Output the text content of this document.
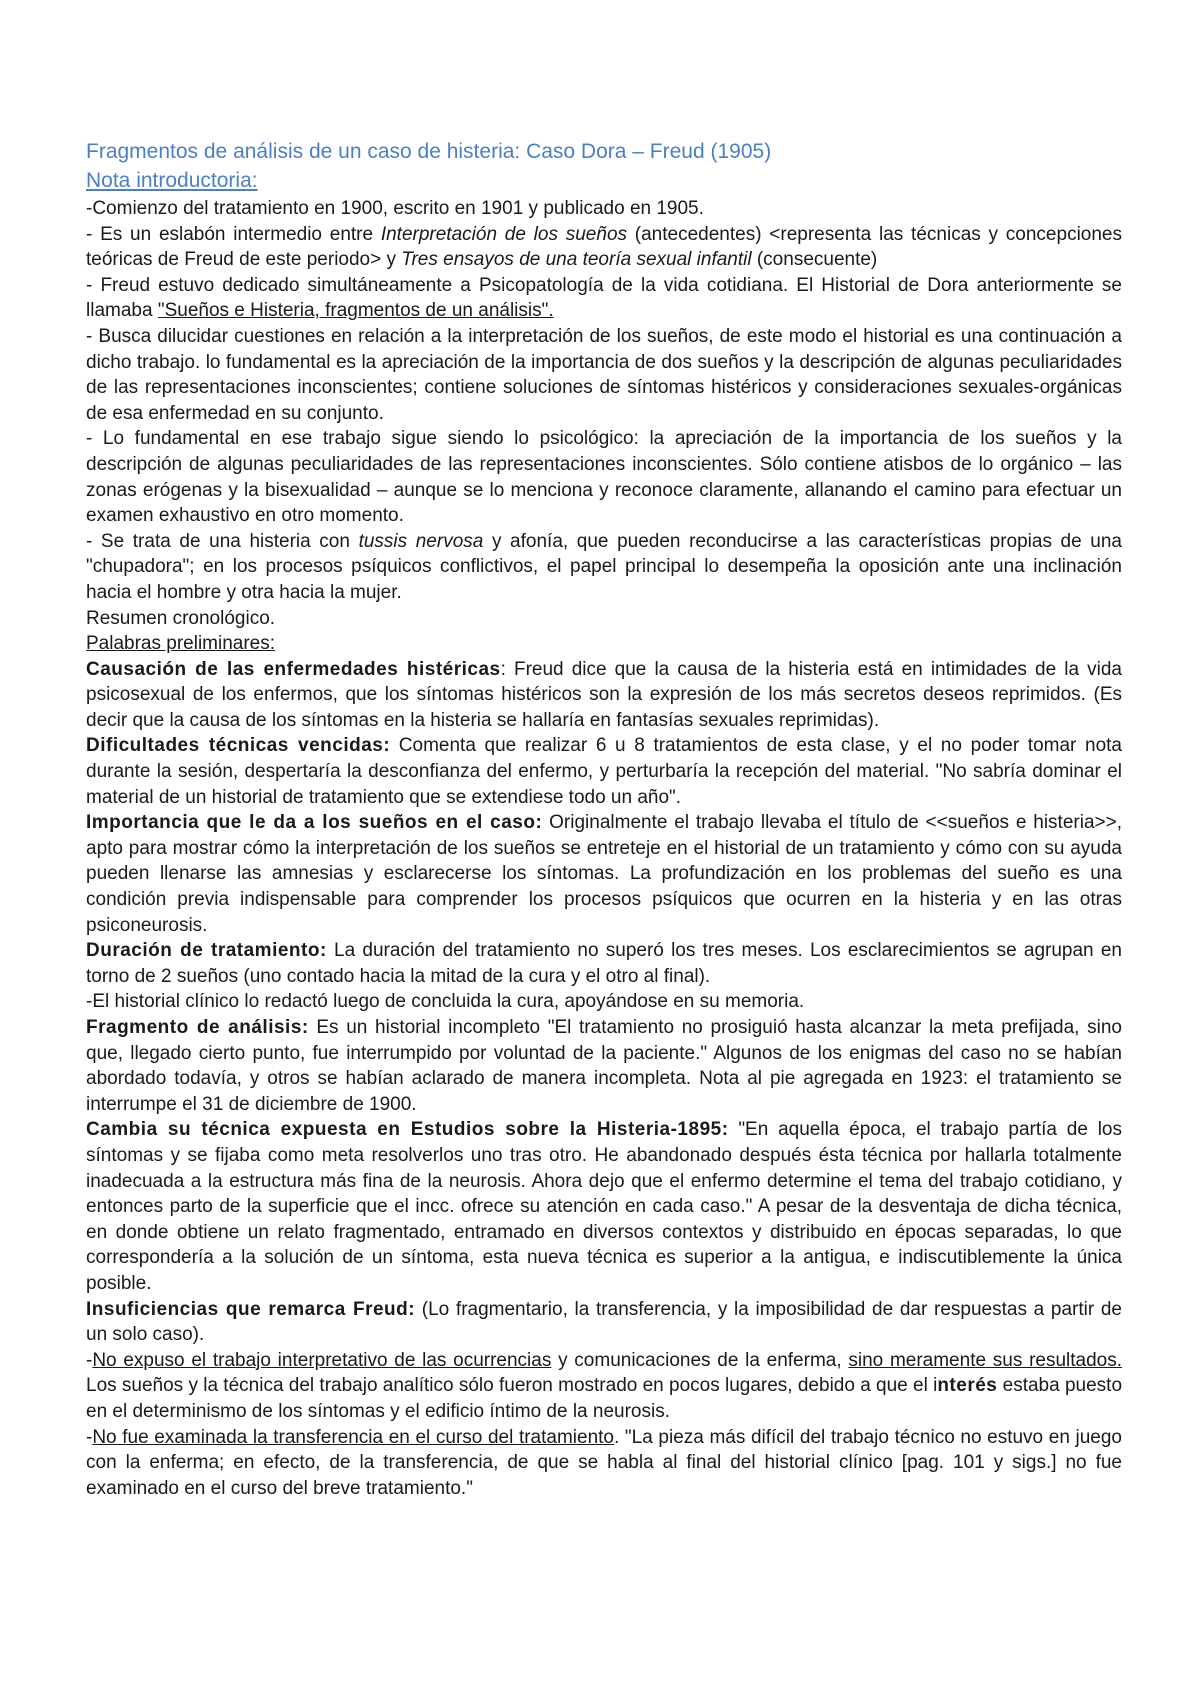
Fragmentos de análisis de un caso de histeria: Caso Dora – Freud (1905)
Nota introductoria:

-Comienzo del tratamiento en 1900, escrito en 1901 y publicado en 1905.

- Es un eslabón intermedio entre Interpretación de los sueños (antecedentes) <representa las técnicas y concepciones teóricas de Freud de este periodo> y Tres ensayos de una teoría sexual infantil (consecuente)

- Freud estuvo dedicado simultáneamente a Psicopatología de la vida cotidiana. El Historial de Dora anteriormente se llamaba "Sueños e Histeria, fragmentos de un análisis".

- Busca dilucidar cuestiones en relación a la interpretación de los sueños, de este modo el historial es una continuación a dicho trabajo. lo fundamental es la apreciación de la importancia de dos sueños y la descripción de algunas peculiaridades de las representaciones inconscientes; contiene soluciones de síntomas histéricos y consideraciones sexuales-orgánicas de esa enfermedad en su conjunto.

- Lo fundamental en ese trabajo sigue siendo lo psicológico: la apreciación de la importancia de los sueños y la descripción de algunas peculiaridades de las representaciones inconscientes. Sólo contiene atisbos de lo orgánico – las zonas erógenas y la bisexualidad – aunque se lo menciona y reconoce claramente, allanando el camino para efectuar un examen exhaustivo en otro momento.

- Se trata de una histeria con tussis nervosa y afonía, que pueden reconducirse a las características propias de una "chupadora"; en los procesos psíquicos conflictivos, el papel principal lo desempeña la oposición ante una inclinación hacia el hombre y otra hacia la mujer.

Resumen cronológico.

Palabras preliminares:

Causación de las enfermedades histéricas: Freud dice que la causa de la histeria está en intimidades de la vida psicosexual de los enfermos, que los síntomas histéricos son la expresión de los más secretos deseos reprimidos. (Es decir que la causa de los síntomas en la histeria se hallaría en fantasías sexuales reprimidas).

Dificultades técnicas vencidas: Comenta que realizar 6 u 8 tratamientos de esta clase, y el no poder tomar nota durante la sesión, despertaría la desconfianza del enfermo, y perturbaría la recepción del material. "No sabría dominar el material de un historial de tratamiento que se extendiese todo un año".

Importancia que le da a los sueños en el caso: Originalmente el trabajo llevaba el título de <<sueños e histeria>>, apto para mostrar cómo la interpretación de los sueños se entreteje en el historial de un tratamiento y cómo con su ayuda pueden llenarse las amnesias y esclarecerse los síntomas. La profundización en los problemas del sueño es una condición previa indispensable para comprender los procesos psíquicos que ocurren en la histeria y en las otras psiconeurosis.

Duración de tratamiento: La duración del tratamiento no superó los tres meses. Los esclarecimientos se agrupan en torno de 2 sueños (uno contado hacia la mitad de la cura y el otro al final).

-El historial clínico lo redactó luego de concluida la cura, apoyándose en su memoria.

Fragmento de análisis: Es un historial incompleto "El tratamiento no prosiguió hasta alcanzar la meta prefijada, sino que, llegado cierto punto, fue interrumpido por voluntad de la paciente." Algunos de los enigmas del caso no se habían abordado todavía, y otros se habían aclarado de manera incompleta. Nota al pie agregada en 1923: el tratamiento se interrumpe el 31 de diciembre de 1900.

Cambia su técnica expuesta en Estudios sobre la Histeria-1895: "En aquella época, el trabajo partía de los síntomas y se fijaba como meta resolverlos uno tras otro. He abandonado después ésta técnica por hallarla totalmente inadecuada a la estructura más fina de la neurosis. Ahora dejo que el enfermo determine el tema del trabajo cotidiano, y entonces parto de la superficie que el incc. ofrece su atención en cada caso." A pesar de la desventaja de dicha técnica, en donde obtiene un relato fragmentado, entramado en diversos contextos y distribuido en épocas separadas, lo que correspondería a la solución de un síntoma, esta nueva técnica es superior a la antigua, e indiscutiblemente la única posible.

Insuficiencias que remarca Freud: (Lo fragmentario, la transferencia, y la imposibilidad de dar respuestas a partir de un solo caso).

-No expuso el trabajo interpretativo de las ocurrencias y comunicaciones de la enferma, sino meramente sus resultados. Los sueños y la técnica del trabajo analítico sólo fueron mostrado en pocos lugares, debido a que el interés estaba puesto en el determinismo de los síntomas y el edificio íntimo de la neurosis.

-No fue examinada la transferencia en el curso del tratamiento. "La pieza más difícil del trabajo técnico no estuvo en juego con la enferma; en efecto, de la transferencia, de que se habla al final del historial clínico [pag. 101 y sigs.] no fue examinado en el curso del breve tratamiento."
